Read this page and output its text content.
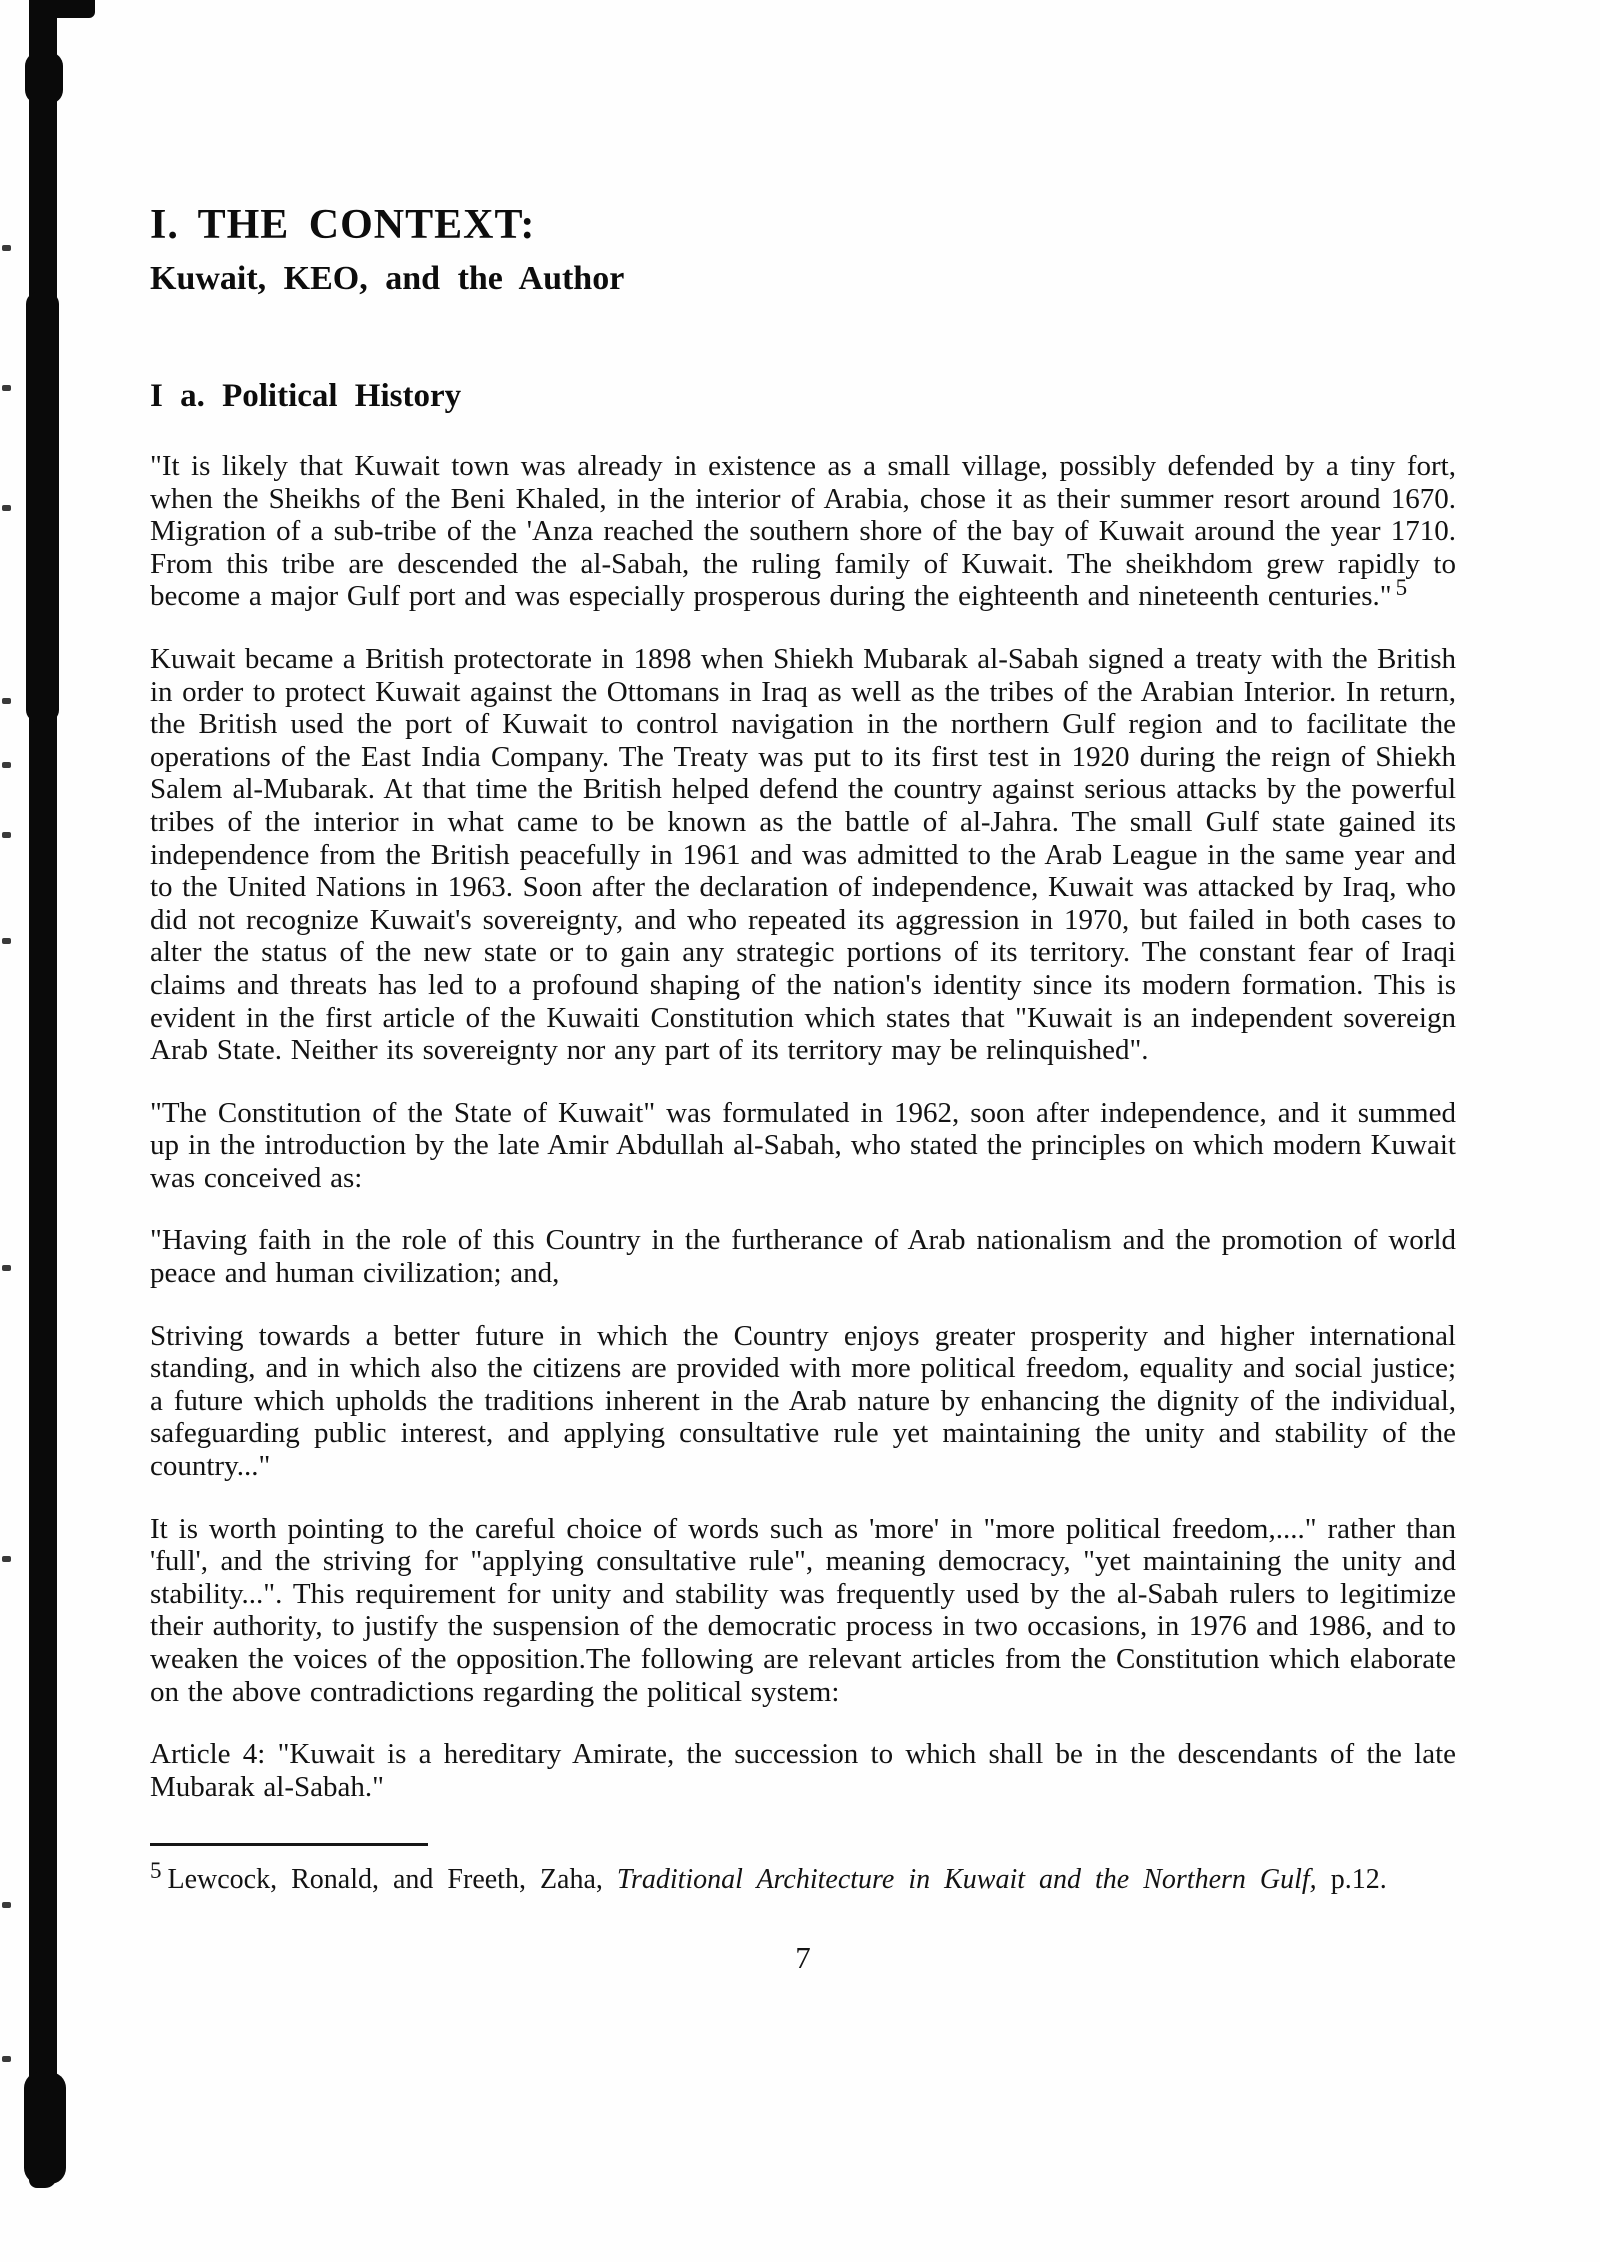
I. THE CONTEXT:
Kuwait, KEO, and the Author
I a. Political History

"It is likely that Kuwait town was already in existence as a small village, possibly defended by a tiny fort, when the Sheikhs of the Beni Khaled, in the interior of Arabia, chose it as their summer resort around 1670. Migration of a sub-tribe of the 'Anza reached the southern shore of the bay of Kuwait around the year 1710. From this tribe are descended the al-Sabah, the ruling family of Kuwait. The sheikhdom grew rapidly to become a major Gulf port and was especially prosperous during the eighteenth and nineteenth centuries." $^5$

Kuwait became a British protectorate in 1898 when Shiekh Mubarak al-Sabah signed a treaty with the British in order to protect Kuwait against the Ottomans in Iraq as well as the tribes of the Arabian Interior. In return, the British used the port of Kuwait to control navigation in the northern Gulf region and to facilitate the operations of the East India Company. The Treaty was put to its first test in 1920 during the reign of Shiekh Salem al-Mubarak. At that time the British helped defend the country against serious attacks by the powerful tribes of the interior in what came to be known as the battle of al-Jahra. The small Gulf state gained its independence from the British peacefully in 1961 and was admitted to the Arab League in the same year and to the United Nations in 1963. Soon after the declaration of independence, Kuwait was attacked by Iraq, who did not recognize Kuwait's sovereignty, and who repeated its aggression in 1970, but failed in both cases to alter the status of the new state or to gain any strategic portions of its territory. The constant fear of Iraqi claims and threats has led to a profound shaping of the nation's identity since its modern formation. This is evident in the first article of the Kuwaiti Constitution which states that "Kuwait is an independent sovereign Arab State. Neither its sovereignty nor any part of its territory may be relinquished".

"The Constitution of the State of Kuwait" was formulated in 1962, soon after independence, and it summed up in the introduction by the late Amir Abdullah al-Sabah, who stated the principles on which modern Kuwait was conceived as:

"Having faith in the role of this Country in the furtherance of Arab nationalism and the promotion of world peace and human civilization; and,

Striving towards a better future in which the Country enjoys greater prosperity and higher international standing, and in which also the citizens are provided with more political freedom, equality and social justice; a future which upholds the traditions inherent in the Arab nature by enhancing the dignity of the individual, safeguarding public interest, and applying consultative rule yet maintaining the unity and stability of the country..."

It is worth pointing to the careful choice of words such as 'more' in "more political freedom,...." rather than 'full', and the striving for "applying consultative rule", meaning democracy, "yet maintaining the unity and stability...". This requirement for unity and stability was frequently used by the al-Sabah rulers to legitimize their authority, to justify the suspension of the democratic process in two occasions, in 1976 and 1986, and to weaken the voices of the opposition.The following are relevant articles from the Constitution which elaborate on the above contradictions regarding the political system:

Article 4: "Kuwait is a hereditary Amirate, the succession to which shall be in the descendants of the late Mubarak al-Sabah."

$^5$ Lewcock, Ronald, and Freeth, Zaha, Traditional Architecture in Kuwait and the Northern Gulf, p.12.

7
